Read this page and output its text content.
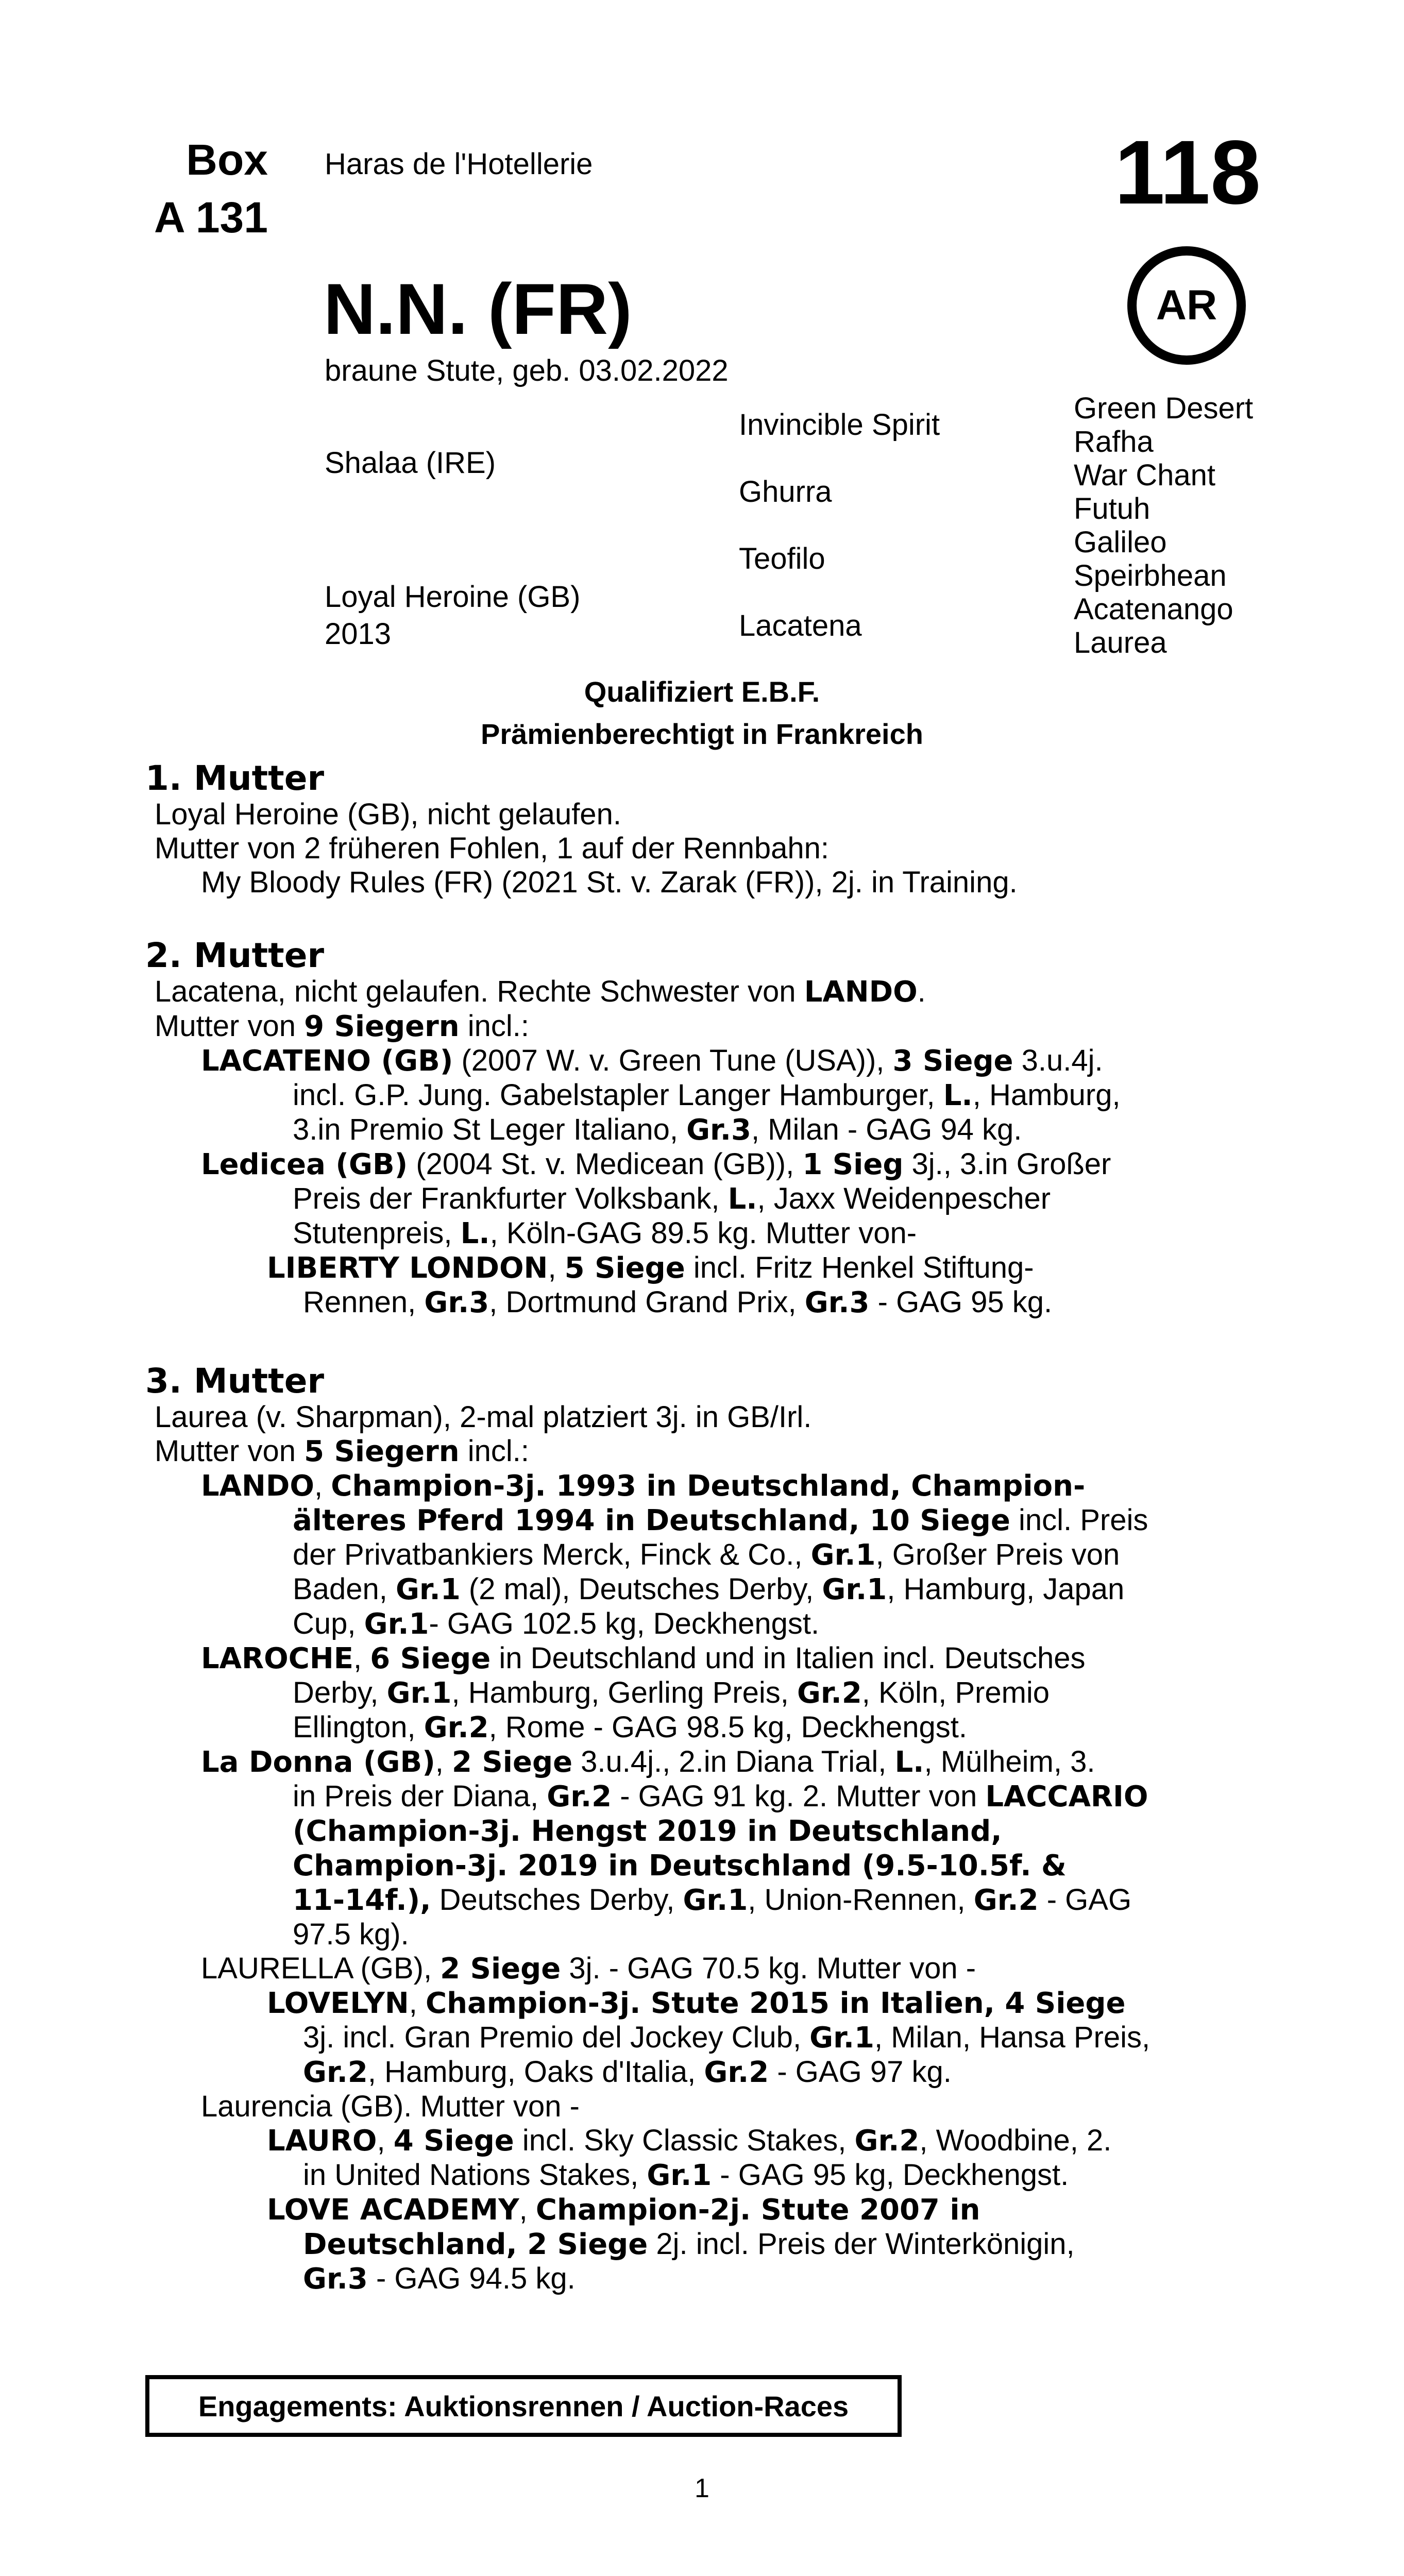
Box
A 131
Haras de l'Hotellerie	118
AR
N.N. (FR)
braune Stute, geb. 03.02.2022
Shalaa (IRE)
Loyal Heroine (GB)
2013
Invincible Spirit
Ghurra
Teofilo
Lacatena
Green Desert
Rafha
War Chant
Futuh
Galileo
Speirbhean
Acatenango
Laurea
Qualifiziert E.B.F.
Prämienberechtigt in Frankreich
1. Mutter
Loyal Heroine (GB), nicht gelaufen.
Mutter von 2 früheren Fohlen, 1 auf der Rennbahn:
My Bloody Rules (FR) (2021 St. v. Zarak (FR)), 2j. in Training.
2. Mutter
Lacatena, nicht gelaufen. Rechte Schwester von LANDO.
Mutter von 9 Siegern incl.:
LACATENO (GB) (2007 W. v. Green Tune (USA)), 3 Siege 3.u.4j.
incl. G.P. Jung. Gabelstapler Langer Hamburger, L., Hamburg,
3.in Premio St Leger Italiano, Gr.3, Milan - GAG 94 kg.
Ledicea (GB) (2004 St. v. Medicean (GB)), 1 Sieg 3j., 3.in Großer
Preis der Frankfurter Volksbank, L., Jaxx Weidenpescher
Stutenpreis, L., Köln-GAG 89.5 kg. Mutter von-
LIBERTY LONDON, 5 Siege incl. Fritz Henkel Stiftung-
Rennen, Gr.3, Dortmund Grand Prix, Gr.3 - GAG 95 kg.
3. Mutter
Laurea (v. Sharpman), 2-mal platziert 3j. in GB/Irl.
Mutter von 5 Siegern incl.:
LANDO, Champion-3j. 1993 in Deutschland, Champion-
älteres Pferd 1994 in Deutschland, 10 Siege incl. Preis
der Privatbankiers Merck, Finck & Co., Gr.1, Großer Preis von
Baden, Gr.1 (2 mal), Deutsches Derby, Gr.1, Hamburg, Japan
Cup, Gr.1- GAG 102.5 kg, Deckhengst.
LAROCHE, 6 Siege in Deutschland und in Italien incl. Deutsches
Derby, Gr.1, Hamburg, Gerling Preis, Gr.2, Köln, Premio
Ellington, Gr.2, Rome - GAG 98.5 kg, Deckhengst.
La Donna (GB), 2 Siege 3.u.4j., 2.in Diana Trial, L., Mülheim, 3.
in Preis der Diana, Gr.2 - GAG 91 kg. 2. Mutter von LACCARIO
(Champion-3j. Hengst 2019 in Deutschland,
Champion-3j. 2019 in Deutschland (9.5-10.5f. &
11-14f.), Deutsches Derby, Gr.1, Union-Rennen, Gr.2 - GAG
97.5 kg).
LAURELLA (GB), 2 Siege 3j. - GAG 70.5 kg. Mutter von -
LOVELYN, Champion-3j. Stute 2015 in Italien, 4 Siege
3j. incl. Gran Premio del Jockey Club, Gr.1, Milan, Hansa Preis,
Gr.2, Hamburg, Oaks d'Italia, Gr.2 - GAG 97 kg.
Laurencia (GB). Mutter von -
LAURO, 4 Siege incl. Sky Classic Stakes, Gr.2, Woodbine, 2.
in United Nations Stakes, Gr.1 - GAG 95 kg, Deckhengst.
LOVE ACADEMY, Champion-2j. Stute 2007 in
Deutschland, 2 Siege 2j. incl. Preis der Winterkönigin,
Gr.3 - GAG 94.5 kg.
Engagements: Auktionsrennen / Auction-Races
1
